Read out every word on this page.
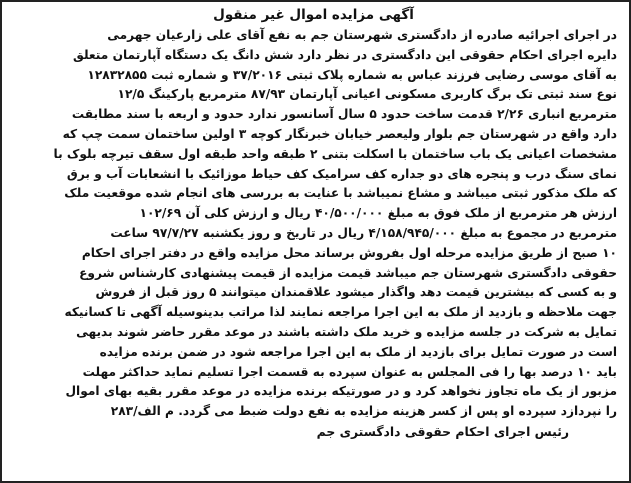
آگهی مزایده اموال غیر منقول
در اجرای اجرائیه صادره از دادگستری شهرستان جم به نفع آقای علی زارعیان جهرمی
دایره اجرای احکام حقوقی این دادگستری در نظر دارد شش دانگ یک دستگاه آپارتمان متعلق
به آقای موسی رضایی فرزند عباس به شماره پلاک ثبتی ۳۷/۲۰۱۶ و شماره ثبت ۱۲۸۳۲۸۵۵
نوع سند ثبتی تک برگ کاربری مسکونی اعیانی آپارتمان ۸۷/۹۳ مترمربع پارکینگ ۱۲/۵
مترمربع انباری ۲/۲۶ قدمت ساخت حدود ۵ سال آسانسور ندارد حدود و اربعه با سند مطابقت
دارد واقع در شهرستان جم بلوار ولیعصر خیابان خبرنگار کوچه ۳ اولین ساختمان سمت چپ که
مشخصات اعیانی یک باب ساختمان با اسکلت بتنی ۲ طبقه واحد طبقه اول سقف تیرچه بلوک با
نمای سنگ درب و پنجره های دو جداره کف سرامیک کف حیاط موزائیک با انشعابات آب و برق
که ملک مذکور ثبتی میباشد و مشاع نمیباشد با عنایت به بررسی های انجام شده موقعیت ملک
ارزش هر مترمربع از ملک فوق به مبلغ ۴۰/۵۰۰/۰۰۰ ریال و ارزش کلی آن ۱۰۲/۶۹
مترمربع در مجموع به مبلغ ۴/۱۵۸/۹۴۵/۰۰۰ ریال در تاریخ و روز یکشنبه ۹۷/۷/۲۷ ساعت
۱۰ صبح از طریق مزایده مرحله اول بفروش برساند محل مزایده واقع در دفتر اجرای احکام
حقوقی دادگستری شهرستان جم میباشد قیمت مزایده از قیمت پیشنهادی کارشناس شروع
و به کسی که بیشترین قیمت دهد واگذار میشود علاقمندان میتوانند ۵ روز قبل از فروش
جهت ملاحظه و بازدید از ملک به این اجرا مراجعه نمایند لذا مراتب بدینوسیله آگهی تا کسانیکه
تمایل به شرکت در جلسه مزایده و خرید ملک داشته باشند در موعد مقرر حاضر شوند بدیهی
است در صورت تمایل برای بازدید از ملک به این اجرا مراجعه شود در ضمن برنده مزایده
باید ۱۰ درصد بها را فی المجلس به عنوان سپرده به قسمت اجرا تسلیم نماید حداکثر مهلت
مزبور از یک ماه تجاوز نخواهد کرد و در صورتیکه برنده مزایده در موعد مقرر بقیه بهای اموال
را نپردازد سپرده او پس از کسر هزینه مزایده به نفع دولت ضبط می گردد. م الف/۲۸۳
رئیس اجرای احکام حقوقی دادگستری جم
